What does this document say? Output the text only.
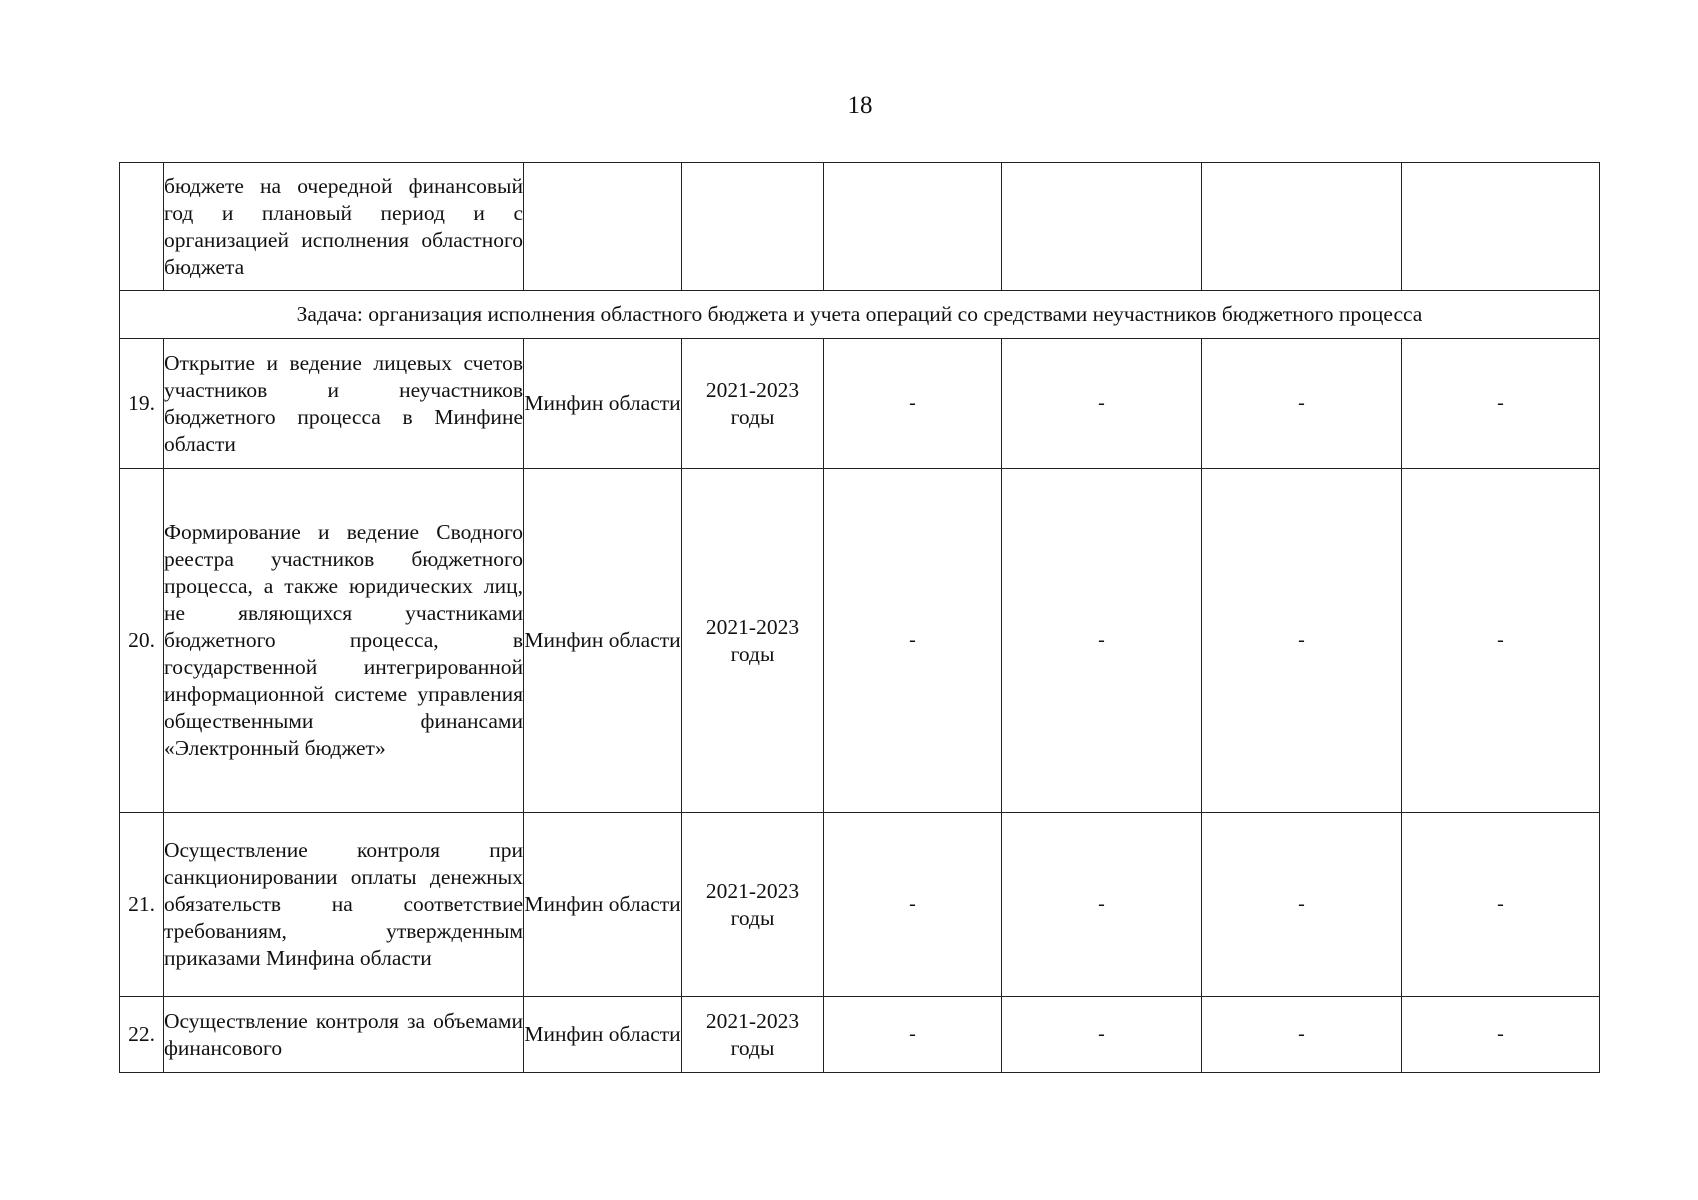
18
	бюджете на очередной финансовый год и плановый период и с организацией исполнения областного бюджета						
Задача: организация исполнения областного бюджета и учета операций со средствами неучастников бюджетного процесса							
19.	Открытие и ведение лицевых счетов участников и неучастников бюджетного процесса в Минфине области	Минфин области	2021-2023 годы	-	-	-	-
20.	Формирование и ведение Сводного реестра участников бюджетного процесса, а также юридических лиц, не являющихся участниками бюджетного процесса, в государственной интегрированной информационной системе управления общественными финансами «Электронный бюджет»	Минфин области	2021-2023 годы	-	-	-	-
21.	Осуществление контроля при санкционировании оплаты денежных обязательств на соответствие требованиям, утвержденным приказами Минфина области	Минфин области	2021-2023 годы	-	-	-	-
22.	Осуществление контроля за объемами финансового	Минфин области	2021-2023 годы	-	-	-	-
